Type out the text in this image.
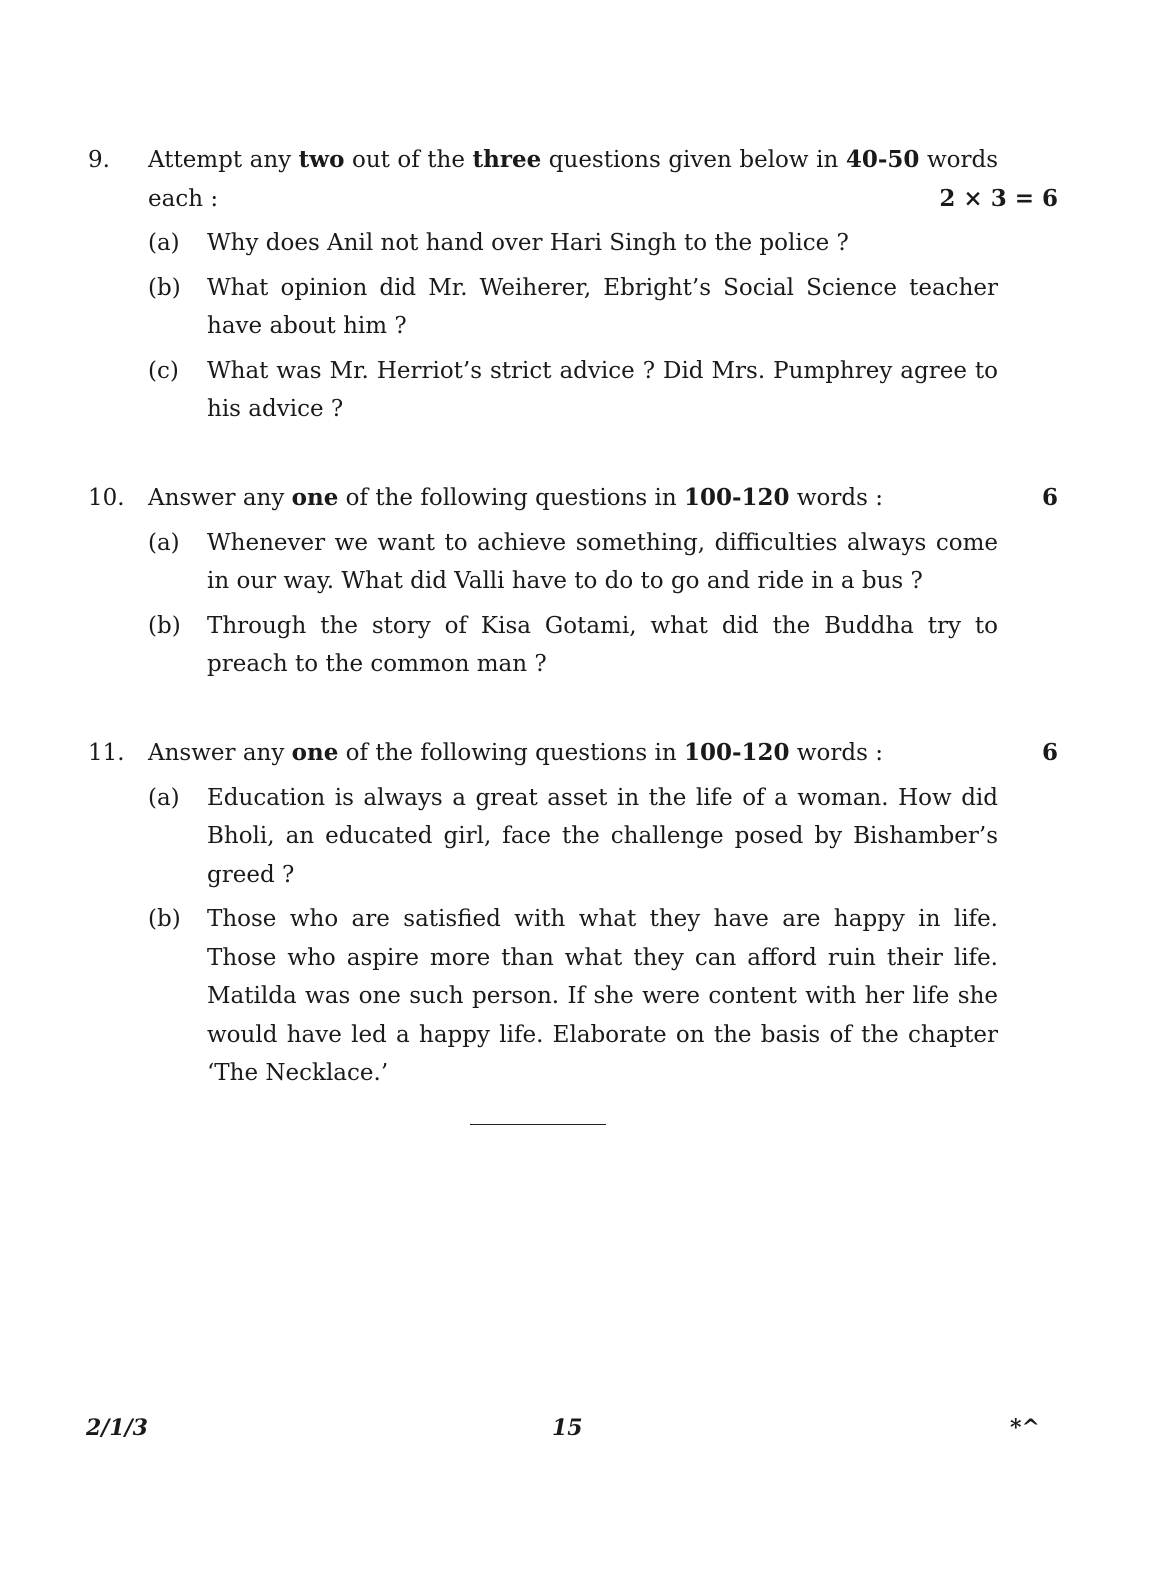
9. Attempt any two out of the three questions given below in 40-50 words each :	2 × 3 = 6
(a) Why does Anil not hand over Hari Singh to the police ?
(b) What opinion did Mr. Weiherer, Ebright’s Social Science teacher have about him ?
(c) What was Mr. Herriot’s strict advice ? Did Mrs. Pumphrey agree to his advice ?
10. Answer any one of the following questions in 100-120 words :	6
(a) Whenever we want to achieve something, difficulties always come in our way. What did Valli have to do to go and ride in a bus ?
(b) Through the story of Kisa Gotami, what did the Buddha try to preach to the common man ?
11. Answer any one of the following questions in 100-120 words :	6
(a) Education is always a great asset in the life of a woman. How did Bholi, an educated girl, face the challenge posed by Bishamber’s greed ?
(b) Those who are satisfied with what they have are happy in life. Those who aspire more than what they can afford ruin their life. Matilda was one such person. If she were content with her life she would have led a happy life. Elaborate on the basis of the chapter ‘The Necklace.’
2/1/3	15	*^
